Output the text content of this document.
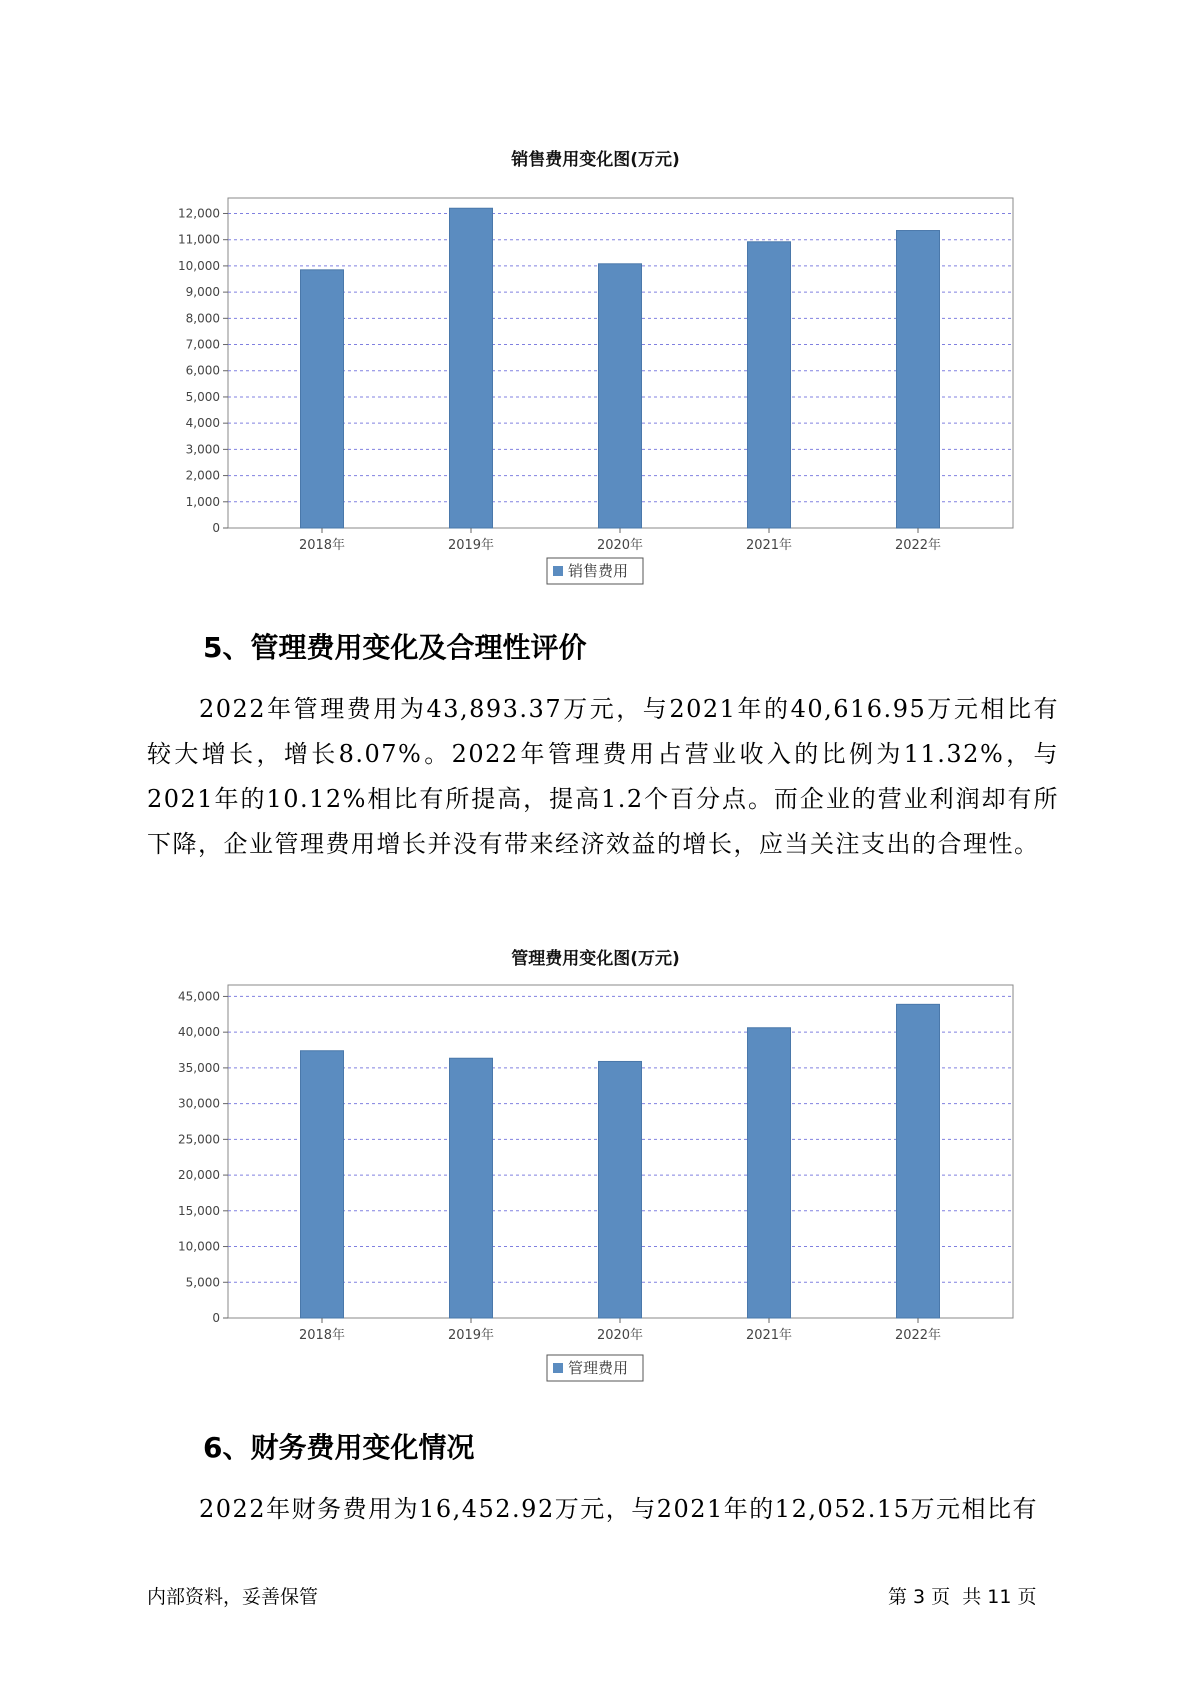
销售费用变化图(万元)
0
1,000
2,000
3,000
4,000
5,000
6,000
7,000
8,000
9,000
10,000
11,000
12,000
2018年	2019年	2020年	2021年	2022年
销售费用
5、管理费用变化及合理性评价

2022年管理费用为43,893.37万元，与2021年的40,616.95万元相比有较大增长，增长8.07%。2022年管理费用占营业收入的比例为11.32%，与2021年的10.12%相比有所提高，提高1.2个百分点。而企业的营业利润却有所下降，企业管理费用增长并没有带来经济效益的增长，应当关注支出的合理性。

管理费用变化图(万元)
0
5,000
10,000
15,000
20,000
25,000
30,000
35,000
40,000
45,000
2018年	2019年	2020年	2021年	2022年
管理费用
6、财务费用变化情况

2022年财务费用为16,452.92万元，与2021年的12,052.15万元相比有

内部资料，妥善保管	第 3 页  共 11 页
